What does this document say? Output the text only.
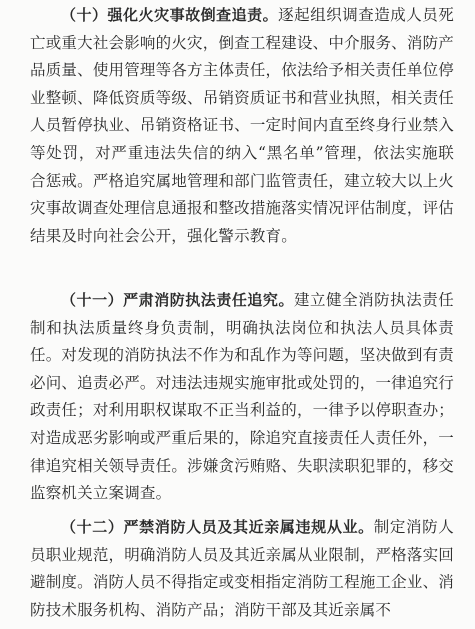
（十）强化火灾事故倒查追责。逐起组织调查造成人员死亡或重大社会影响的火灾，倒查工程建设、中介服务、消防产品质量、使用管理等各方主体责任，依法给予相关责任单位停业整顿、降低资质等级、吊销资质证书和营业执照，相关责任人员暂停执业、吊销资格证书、一定时间内直至终身行业禁入等处罚，对严重违法失信的纳入“黑名单”管理，依法实施联合惩戒。严格追究属地管理和部门监管责任，建立较大以上火灾事故调查处理信息通报和整改措施落实情况评估制度，评估结果及时向社会公开，强化警示教育。

（十一）严肃消防执法责任追究。建立健全消防执法责任制和执法质量终身负责制，明确执法岗位和执法人员具体责任。对发现的消防执法不作为和乱作为等问题，坚决做到有责必问、追责必严。对违法违规实施审批或处罚的，一律追究行政责任；对利用职权谋取不正当利益的，一律予以停职查办；对造成恶劣影响或严重后果的，除追究直接责任人责任外，一律追究相关领导责任。涉嫌贪污贿赂、失职渎职犯罪的，移交监察机关立案调查。

（十二）严禁消防人员及其近亲属违规从业。制定消防人员职业规范，明确消防人员及其近亲属从业限制，严格落实回避制度。消防人员不得指定或变相指定消防工程施工企业、消防技术服务机构、消防产品；消防干部及其近亲属不
